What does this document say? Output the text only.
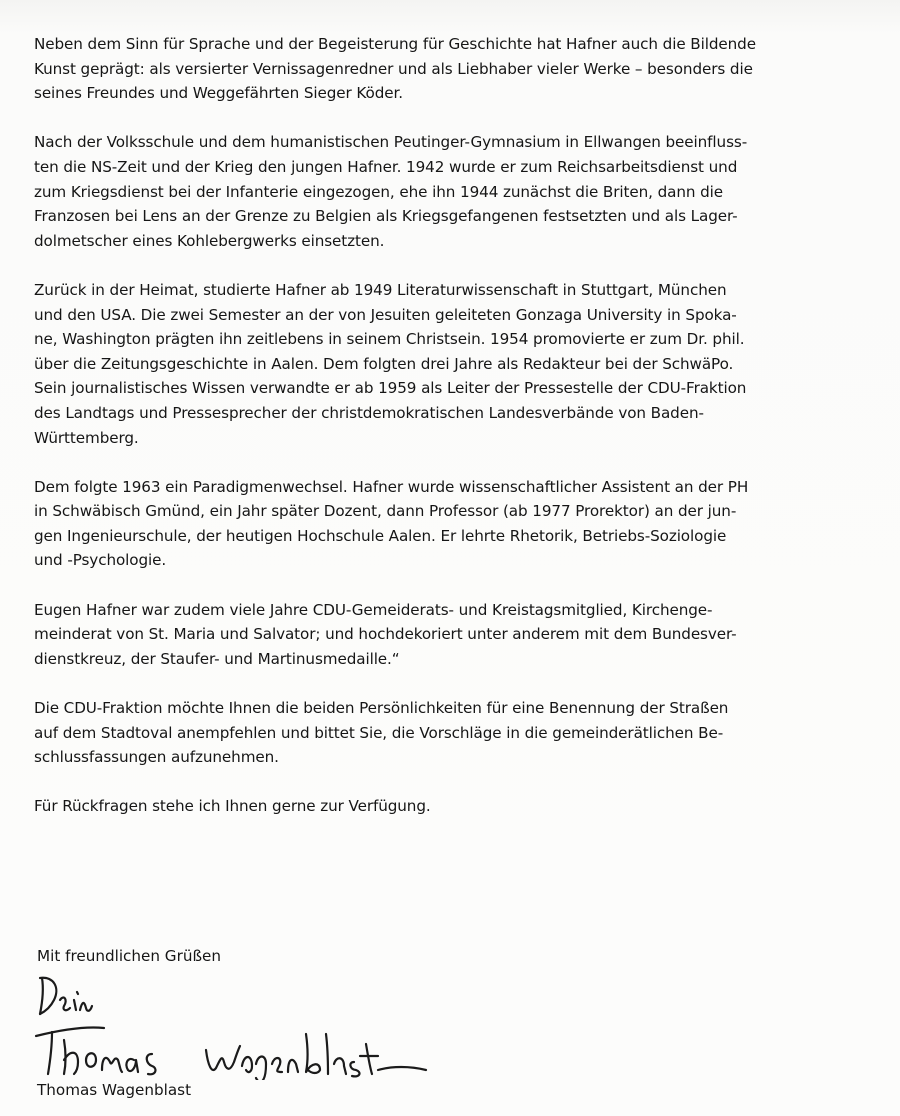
Neben dem Sinn für Sprache und der Begeisterung für Geschichte hat Hafner auch die Bildende
Kunst geprägt: als versierter Vernissagenredner und als Liebhaber vieler Werke – besonders die
seines Freundes und Weggefährten Sieger Köder.
Nach der Volksschule und dem humanistischen Peutinger-Gymnasium in Ellwangen beeinfluss-
ten die NS-Zeit und der Krieg den jungen Hafner. 1942 wurde er zum Reichsarbeitsdienst und
zum Kriegsdienst bei der Infanterie eingezogen, ehe ihn 1944 zunächst die Briten, dann die
Franzosen bei Lens an der Grenze zu Belgien als Kriegsgefangenen festsetzten und als Lager-
dolmetscher eines Kohlebergwerks einsetzten.
Zurück in der Heimat, studierte Hafner ab 1949 Literaturwissenschaft in Stuttgart, München
und den USA. Die zwei Semester an der von Jesuiten geleiteten Gonzaga University in Spoka-
ne, Washington prägten ihn zeitlebens in seinem Christsein. 1954 promovierte er zum Dr. phil.
über die Zeitungsgeschichte in Aalen. Dem folgten drei Jahre als Redakteur bei der SchwäPo.
Sein journalistisches Wissen verwandte er ab 1959 als Leiter der Pressestelle der CDU-Fraktion
des Landtags und Pressesprecher der christdemokratischen Landesverbände von Baden-
Württemberg.
Dem folgte 1963 ein Paradigmenwechsel. Hafner wurde wissenschaftlicher Assistent an der PH
in Schwäbisch Gmünd, ein Jahr später Dozent, dann Professor (ab 1977 Prorektor) an der jun-
gen Ingenieurschule, der heutigen Hochschule Aalen. Er lehrte Rhetorik, Betriebs-Soziologie
und -Psychologie.
Eugen Hafner war zudem viele Jahre CDU-Gemeiderats- und Kreistagsmitglied, Kirchenge-
meinderat von St. Maria und Salvator; und hochdekoriert unter anderem mit dem Bundesver-
dienstkreuz, der Staufer- und Martinusmedaille.“
Die CDU-Fraktion möchte Ihnen die beiden Persönlichkeiten für eine Benennung der Straßen
auf dem Stadtoval anempfehlen und bittet Sie, die Vorschläge in die gemeinderätlichen Be-
schlussfassungen aufzunehmen.
Für Rückfragen stehe ich Ihnen gerne zur Verfügung.
Mit freundlichen Grüßen
Thomas Wagenblast
